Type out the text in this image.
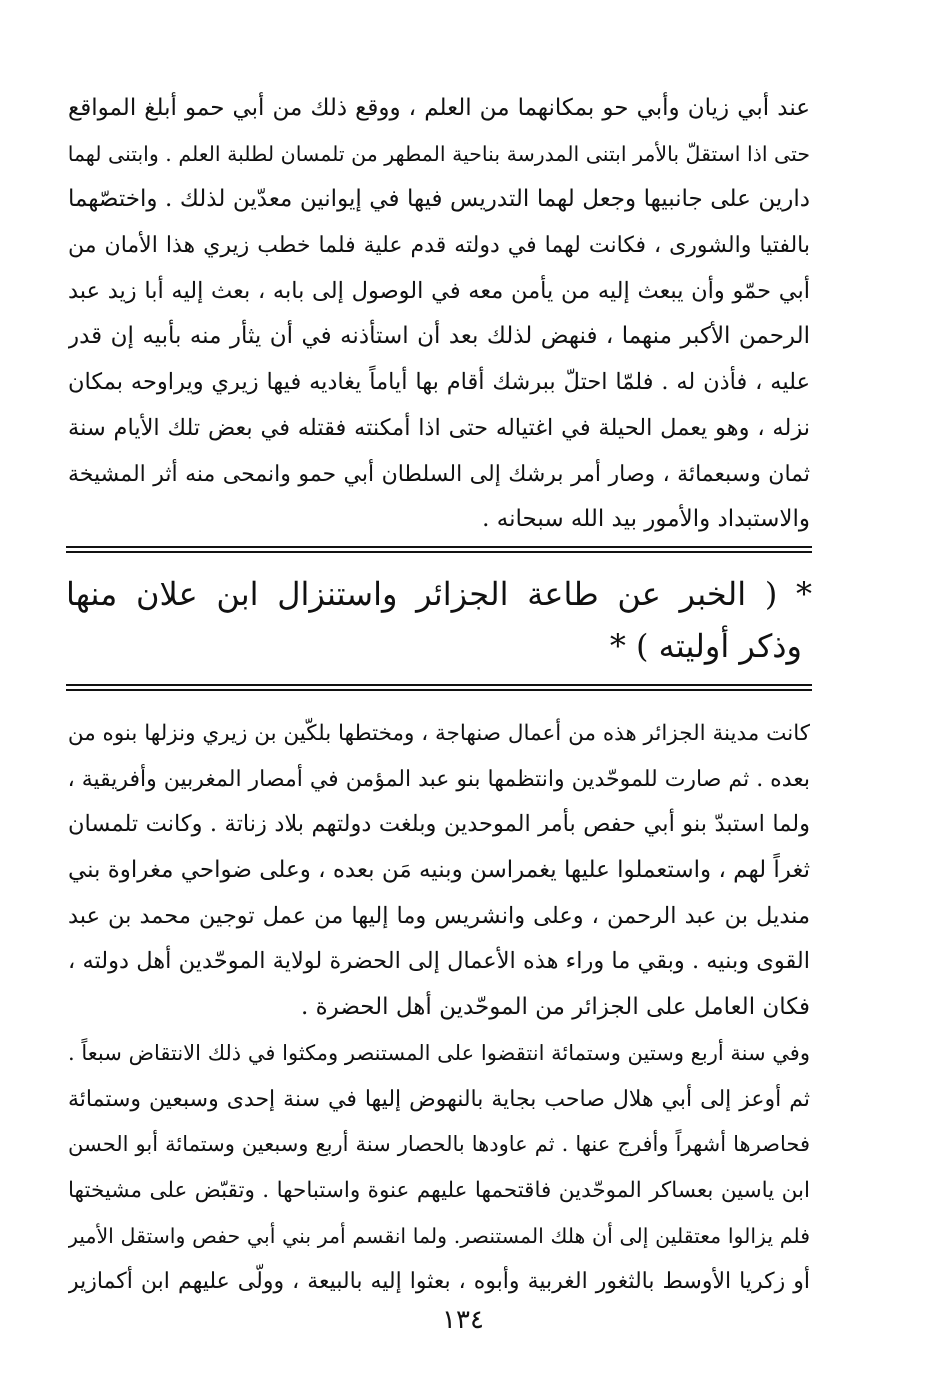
عند أبي زيان وأبي حو بمكانهما من العلم ، ووقع ذلك من أبي حمو أبلغ المواقع
حتى اذا استقلّ بالأمر ابتنى المدرسة بناحية المطهر من تلمسان لطلبة العلم . وابتنى لهما
دارين على جانبيها وجعل لهما التدريس فيها في إيوانين معدّين لذلك . واختصّهما
بالفتيا والشورى ، فكانت لهما في دولته قدم علية فلما خطب زيري هذا الأمان من
أبي حمّو وأن يبعث إليه من يأمن معه في الوصول إلى بابه ، بعث إليه أبا زيد عبد
الرحمن الأكبر منهما ، فنهض لذلك بعد أن استأذنه في أن يثأر منه بأبيه إن قدر
عليه ، فأذن له . فلمّا احتلّ ببرشك أقام بها أياماً يغاديه فيها زيري ويراوحه بمكان
نزله ، وهو يعمل الحيلة في اغتياله حتى اذا أمكنته فقتله في بعض تلك الأيام سنة
ثمان وسبعمائة ، وصار أمر برشك إلى السلطان أبي حمو وانمحى منه أثر المشيخة
والاستبداد والأمور بيد الله سبحانه .
* ( الخبر عن طاعة الجزائر واستنزال ابن علان منها
وذكر أوليته ) *
كانت مدينة الجزائر هذه من أعمال صنهاجة ، ومختطها بلكّين بن زيري ونزلها بنوه من
بعده . ثم صارت للموحّدين وانتظمها بنو عبد المؤمن في أمصار المغربين وأفريقية ،
ولما استبدّ بنو أبي حفص بأمر الموحدين وبلغت دولتهم بلاد زناتة . وكانت تلمسان
ثغراً لهم ، واستعملوا عليها يغمراسن وبنيه مَن بعده ، وعلى ضواحي مغراوة بني
منديل بن عبد الرحمن ، وعلى وانشريس وما إليها من عمل توجين محمد بن عبد
القوى وبنيه . وبقي ما وراء هذه الأعمال إلى الحضرة لولاية الموحّدين أهل دولته ،
فكان العامل على الجزائر من الموحّدين أهل الحضرة .
وفي سنة أربع وستين وستمائة انتقضوا على المستنصر ومكثوا في ذلك الانتقاض سبعاً .
ثم أوعز إلى أبي هلال صاحب بجاية بالنهوض إليها في سنة إحدى وسبعين وستمائة
فحاصرها أشهراً وأفرج عنها . ثم عاودها بالحصار سنة أربع وسبعين وستمائة أبو الحسن
ابن ياسين بعساكر الموحّدين فاقتحمها عليهم عنوة واستباحها . وتقبّض على مشيختها
فلم يزالوا معتقلين إلى أن هلك المستنصر. ولما انقسم أمر بني أبي حفص واستقل الأمير
أو زكريا الأوسط بالثغور الغربية وأبوه ، بعثوا إليه بالبيعة ، وولّى عليهم ابن أكمازير
١٣٤
